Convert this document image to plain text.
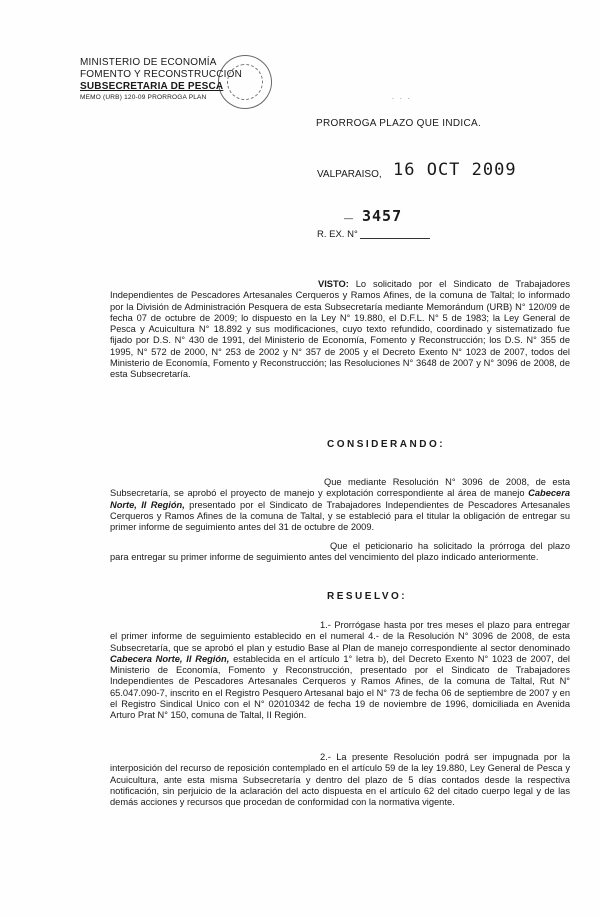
MINISTERIO DE ECONOMÍA
FOMENTO Y RECONSTRUCCION
SUBSECRETARIA DE PESCA
MEMO (URB) 120-09 PRORROGA PLAN	. . .
PRORROGA PLAZO QUE INDICA.
VALPARAISO, 16 OCT 2009
— 3457
R. EX. N°
VISTO: Lo solicitado por el Sindicato de Trabajadores Independientes de Pescadores Artesanales Cerqueros y Ramos Afines, de la comuna de Taltal; lo informado por la División de Administración Pesquera de esta Subsecretaría mediante Memorándum (URB) N° 120/09 de fecha 07 de octubre de 2009; lo dispuesto en la Ley N° 19.880, el D.F.L. N° 5 de 1983; la Ley General de Pesca y Acuicultura N° 18.892 y sus modificaciones, cuyo texto refundido, coordinado y sistematizado fue fijado por D.S. N° 430 de 1991, del Ministerio de Economía, Fomento y Reconstrucción; los D.S. N° 355 de 1995, N° 572 de 2000, N° 253 de 2002 y N° 357 de 2005 y el Decreto Exento N° 1023 de 2007, todos del Ministerio de Economía, Fomento y Reconstrucción; las Resoluciones N° 3648 de 2007 y N° 3096 de 2008, de esta Subsecretaría.
CONSIDERANDO:
Que mediante Resolución N° 3096 de 2008, de esta Subsecretaría, se aprobó el proyecto de manejo y explotación correspondiente al área de manejo Cabecera Norte, II Región, presentado por el Sindicato de Trabajadores Independientes de Pescadores Artesanales Cerqueros y Ramos Afines de la comuna de Taltal, y se estableció para el titular la obligación de entregar su primer informe de seguimiento antes del 31 de octubre de 2009.
Que el peticionario ha solicitado la prórroga del plazo para entregar su primer informe de seguimiento antes del vencimiento del plazo indicado anteriormente.
RESUELVO:
1.- Prorrógase hasta por tres meses el plazo para entregar el primer informe de seguimiento establecido en el numeral 4.- de la Resolución N° 3096 de 2008, de esta Subsecretaría, que se aprobó el plan y estudio Base al Plan de manejo correspondiente al sector denominado Cabecera Norte, II Región, establecida en el artículo 1° letra b), del Decreto Exento N° 1023 de 2007, del Ministerio de Economía, Fomento y Reconstrucción, presentado por el Sindicato de Trabajadores Independientes de Pescadores Artesanales Cerqueros y Ramos Afines, de la comuna de Taltal, Rut N° 65.047.090-7, inscrito en el Registro Pesquero Artesanal bajo el N° 73 de fecha 06 de septiembre de 2007 y en el Registro Sindical Unico con el N° 02010342 de fecha 19 de noviembre de 1996, domiciliada en Avenida Arturo Prat N° 150, comuna de Taltal, II Región.
2.- La presente Resolución podrá ser impugnada por la interposición del recurso de reposición contemplado en el artículo 59 de la ley 19.880, Ley General de Pesca y Acuicultura, ante esta misma Subsecretaría y dentro del plazo de 5 días contados desde la respectiva notificación, sin perjuicio de la aclaración del acto dispuesta en el artículo 62 del citado cuerpo legal y de las demás acciones y recursos que procedan de conformidad con la normativa vigente.
